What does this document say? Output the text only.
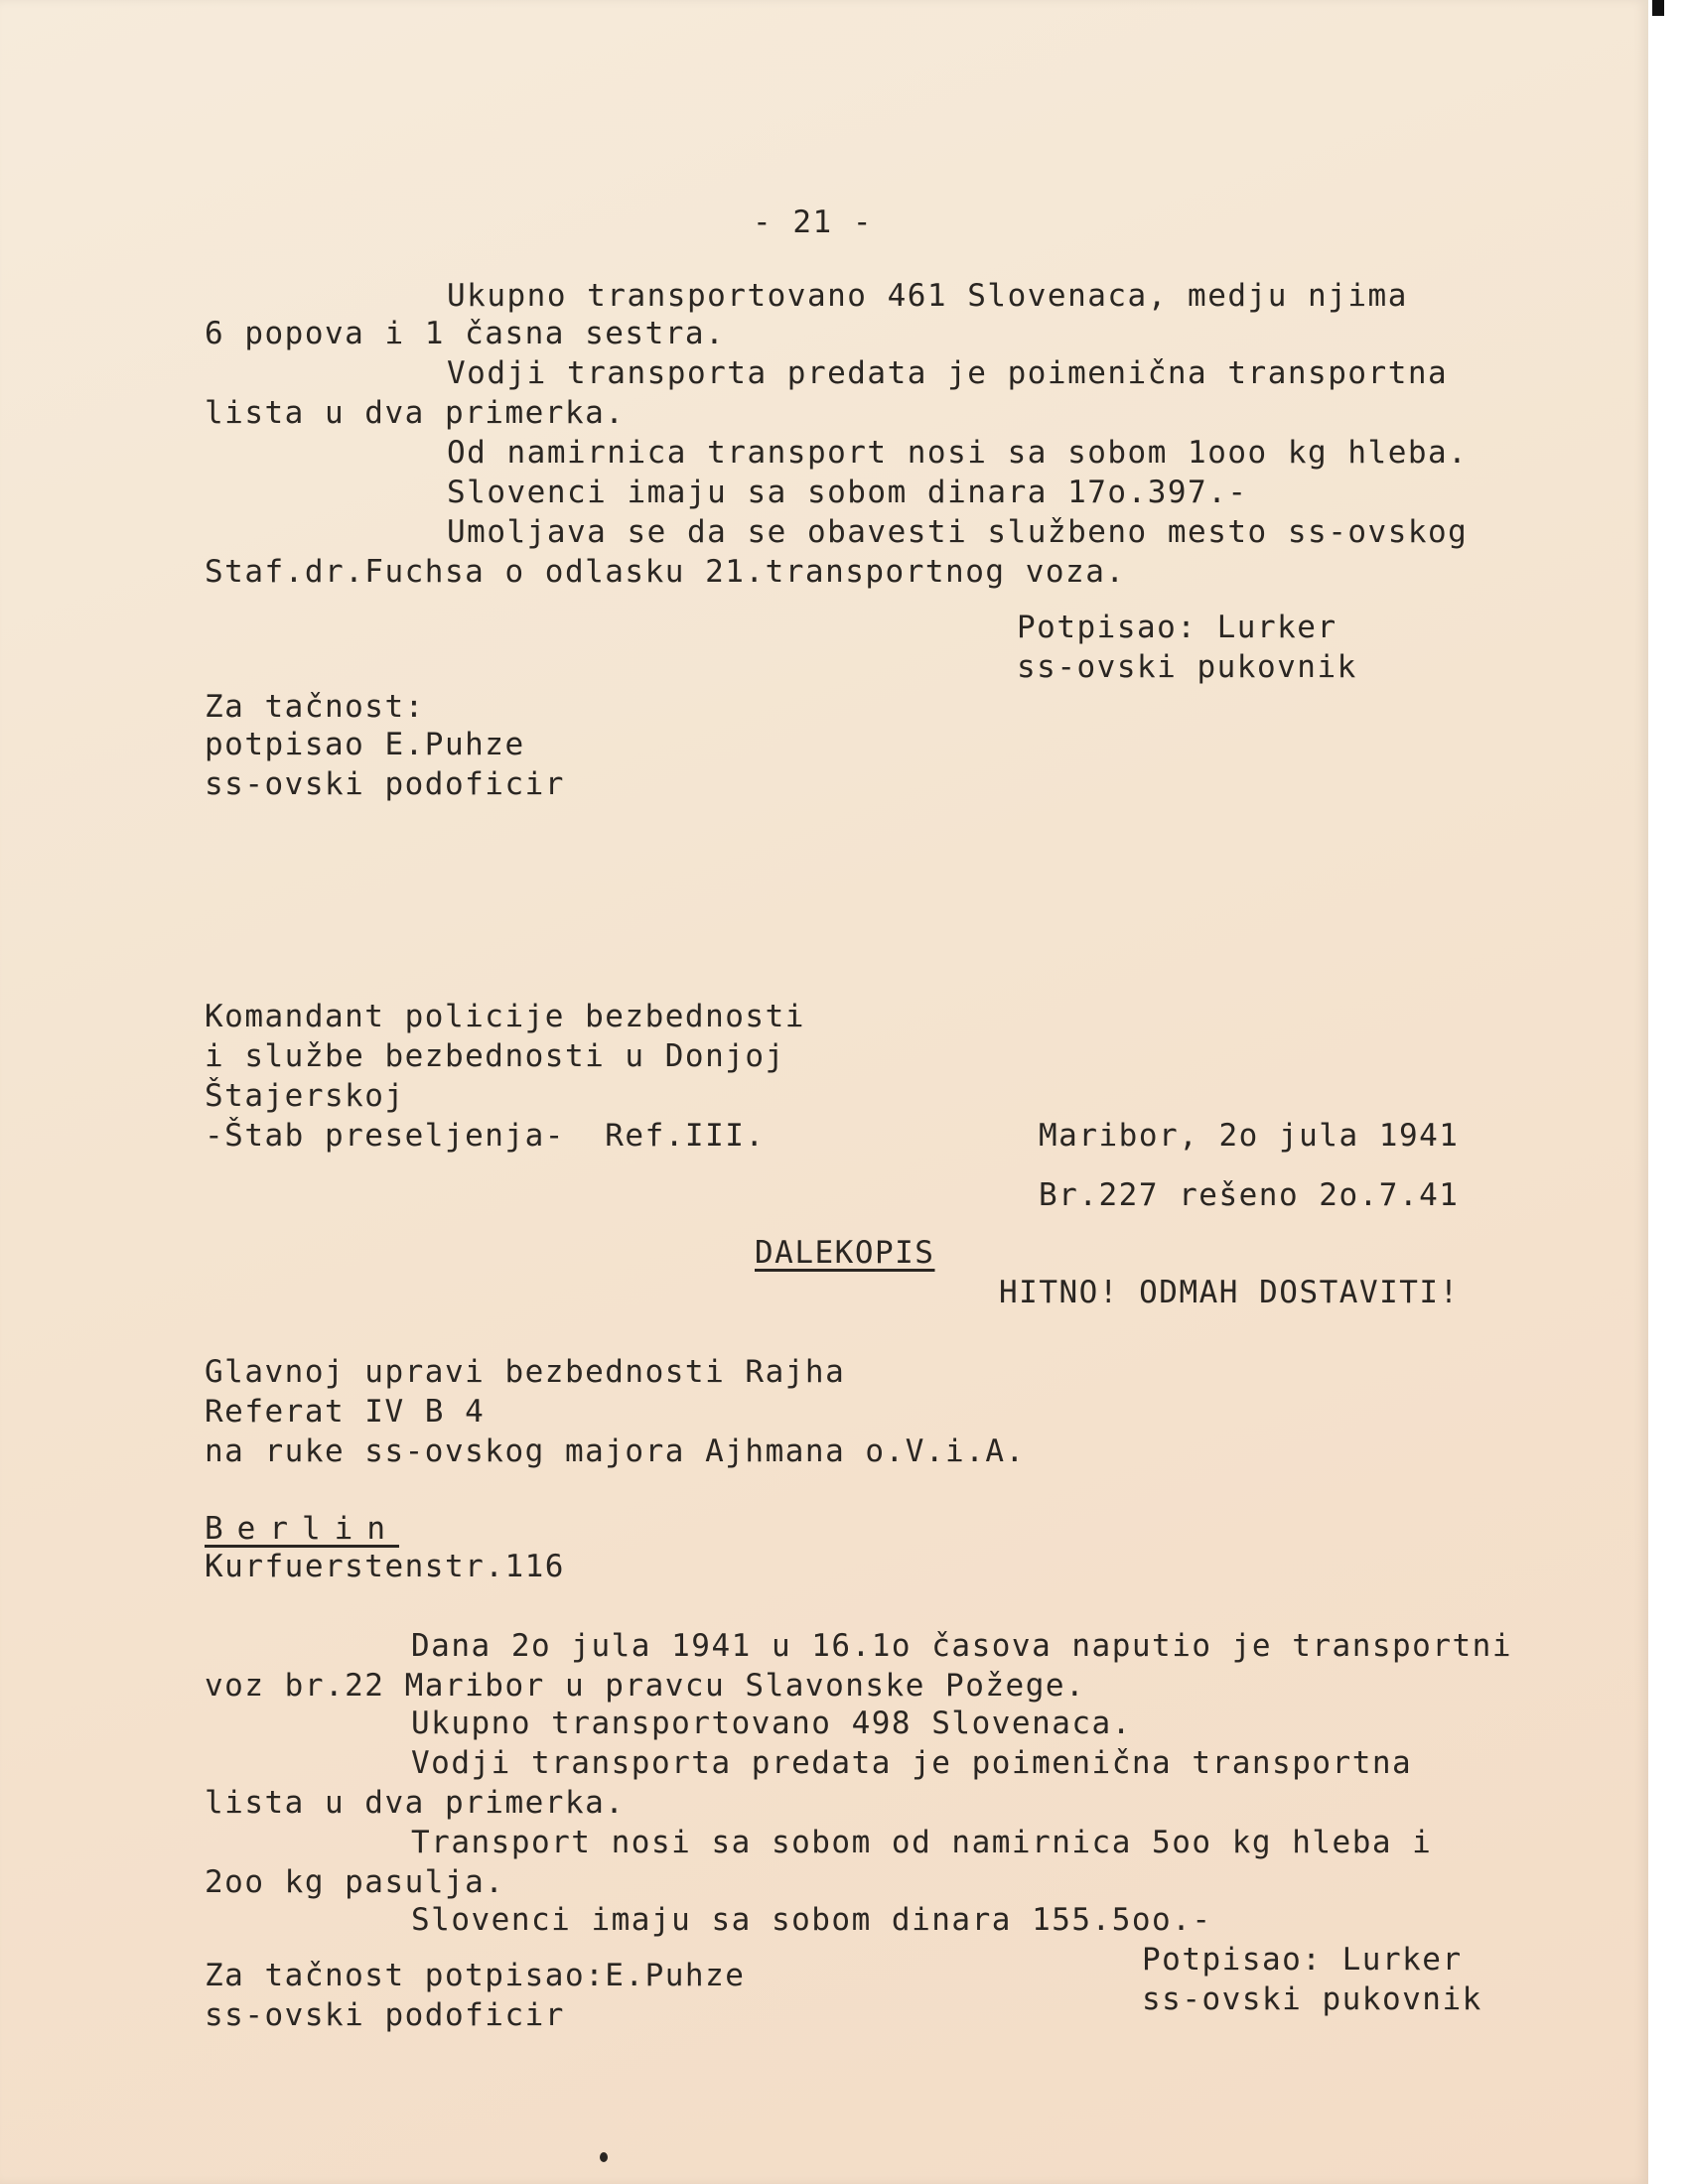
- 21 -
Ukupno transportovano 461 Slovenaca, medju njima
6 popova i 1 časna sestra.
Vodji transporta predata je poimenična transportna
lista u dva primerka.
Od namirnica transport nosi sa sobom 1ooo kg hleba.
Slovenci imaju sa sobom dinara 17o.397.-
Umoljava se da se obavesti službeno mesto ss-ovskog
Staf.dr.Fuchsa o odlasku 21.transportnog voza.
Potpisao: Lurker
ss-ovski pukovnik
Za tačnost:
potpisao E.Puhze
ss-ovski podoficir
Komandant policije bezbednosti
i službe bezbednosti u Donjoj
Štajerskoj
-Štab preseljenja-  Ref.III.	Maribor, 2o jula 1941
Br.227 rešeno 2o.7.41
DALEKOPIS
HITNO! ODMAH DOSTAVITI!
Glavnoj upravi bezbednosti Rajha
Referat IV B 4
na ruke ss-ovskog majora Ajhmana o.V.i.A.
Berlin
Kurfuerstenstr.116
Dana 2o jula 1941 u 16.1o časova naputio je transportni
voz br.22 Maribor u pravcu Slavonske Požege.
Ukupno transportovano 498 Slovenaca.
Vodji transporta predata je poimenična transportna
lista u dva primerka.
Transport nosi sa sobom od namirnica 5oo kg hleba i
2oo kg pasulja.
Slovenci imaju sa sobom dinara 155.5oo.-
Potpisao: Lurker
ss-ovski pukovnik
Za tačnost potpisao:E.Puhze
ss-ovski podoficir
